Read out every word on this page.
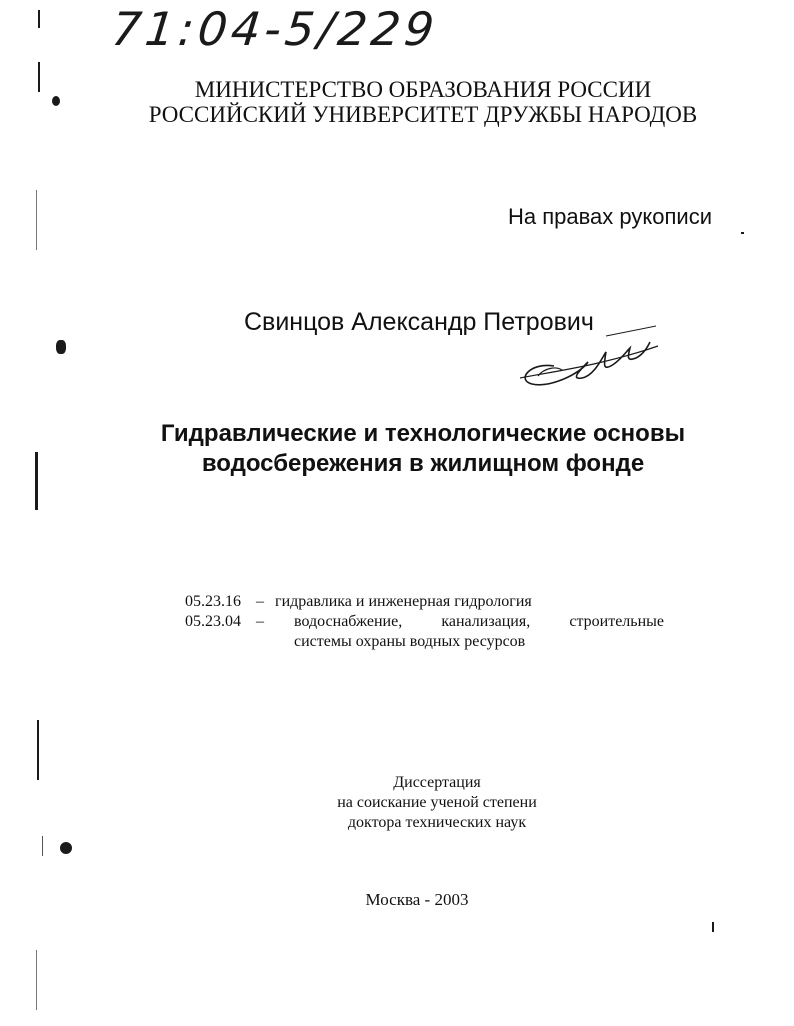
71:04-5/229
МИНИСТЕРСТВО ОБРАЗОВАНИЯ РОССИИ
РОССИЙСКИЙ УНИВЕРСИТЕТ ДРУЖБЫ НАРОДОВ
На правах рукописи
Свинцов Александр Петрович
Гидравлические и технологические основы
водосбережения в жилищном фонде
05.23.16 – гидравлика и инженерная гидрология
05.23.04 – водоснабжение, канализация, строительные
системы охраны водных ресурсов
Диссертация
на соискание ученой степени
доктора технических наук
Москва - 2003
